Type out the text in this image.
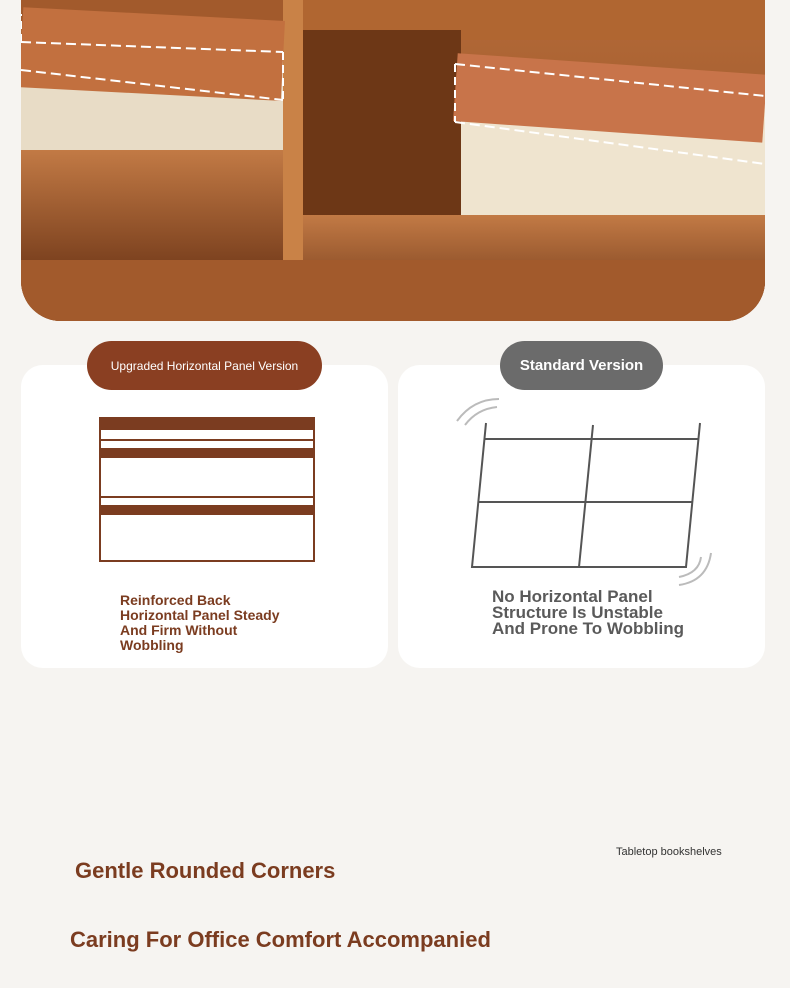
Upgraded Horizontal Panel Version	Standard Version
Reinforced Back Horizontal Panel Steady And Firm Without Wobbling
No Horizontal Panel Structure Is Unstable And Prone To Wobbling
Tabletop bookshelves
Gentle Rounded Corners
Caring For Office Comfort Accompanied
